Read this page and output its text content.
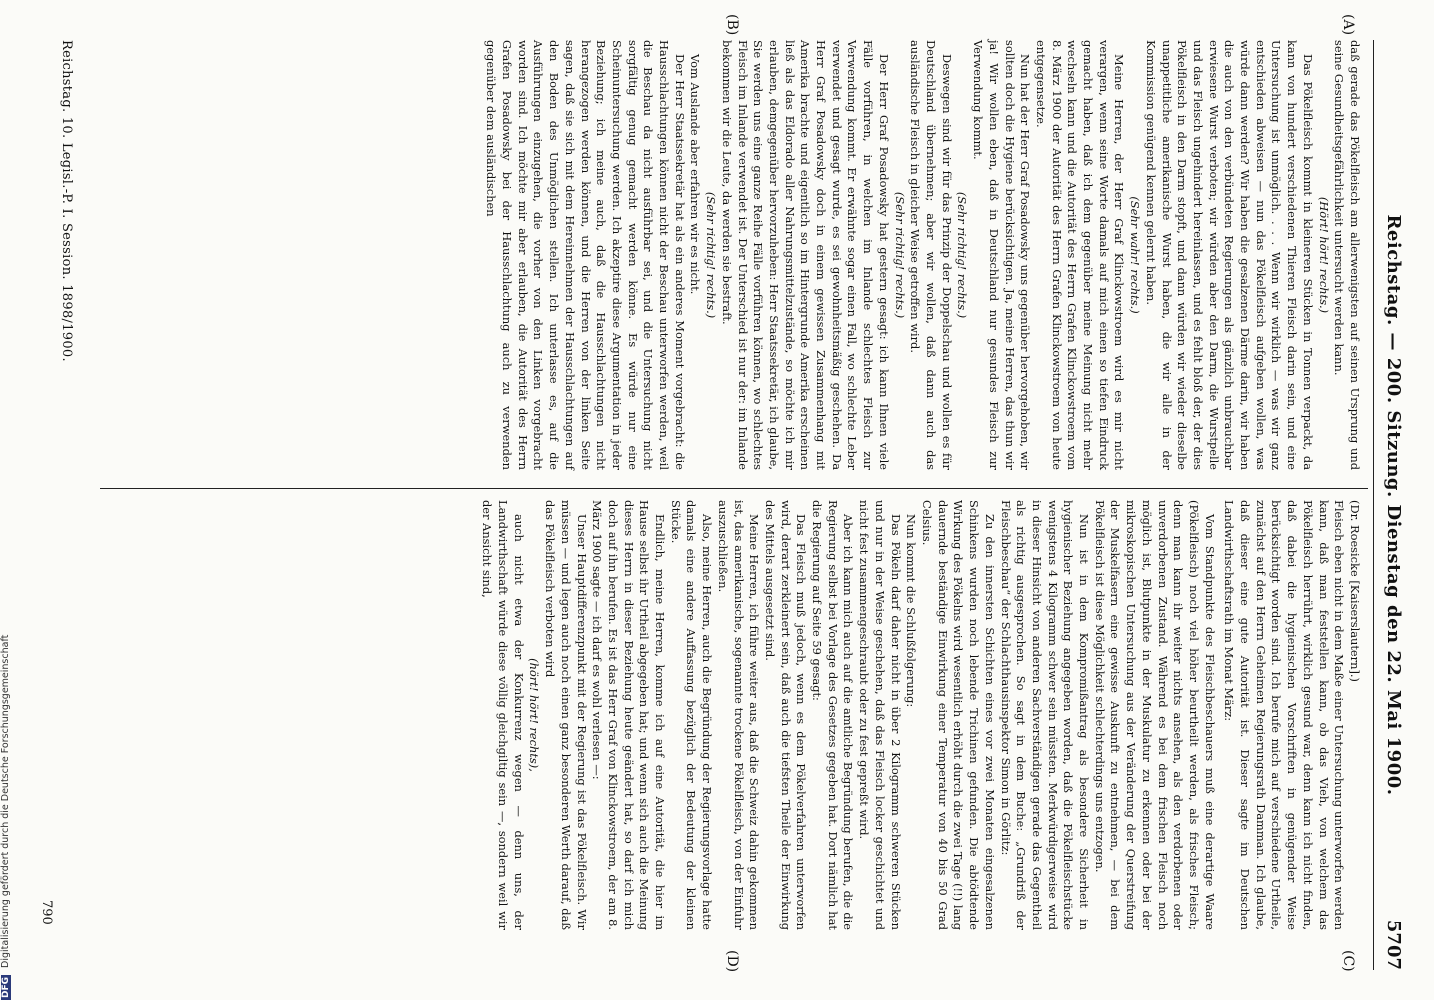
Reichstag. — 200. Sitzung. Dienstag den 22. Mai 1900.
5707
(A)
(B)
(C)
(D)

daß gerade das Pökelfleisch am allerwenigsten auf seinen Ursprung und seine Gesundheitsgefährlichkeit untersucht werden kann.

(Hört! hört! rechts.)

Das Pökelfleisch kommt in kleineren Stücken in Tonnen verpackt, da kann von hundert verschiedenen Thieren Fleisch darin sein, und eine Untersuchung ist unmöglich. . . . Wenn wir wirklich — was wir ganz entschieden abweisen — nun das Pökelfleisch aufgeben wollen, was würde dann werden? Wir haben die gesalzenen Därme darin, wir haben die auch von den verbündeten Regierungen als gänzlich unbrauchbar erwiesene Wurst verboten; wir würden aber den Darm, die Wurstpelle und das Fleisch ungehindert hereinlassen, und es fehlt bloß der, der dies Pökelfleisch in den Darm stopft, und dann würden wir wieder dieselbe unappetitliche amerikanische Wurst haben, die wir alle in der Kommission genügend kennen gelernt haben.

(Sehr wahr! rechts.)

Meine Herren, der Herr Graf Klinckowstroem wird es mir nicht verargen, wenn seine Worte damals auf mich einen so tiefen Eindruck gemacht haben, daß ich dem gegenüber meine Meinung nicht mehr wechseln kann und die Autorität des Herrn Grafen Klinckowstroem vom 8. März 1900 der Autorität des Herrn Grafen Klinckowstroem von heute entgegensetze.

Nun hat der Herr Graf Posadowsky uns gegenüber hervorgehoben, wir sollten doch die Hygiene berücksichtigen. Ja, meine Herren, das thun wir ja! Wir wollen eben, daß in Deutschland nur gesundes Fleisch zur Verwendung kommt.

(Sehr richtig! rechts.)

Deswegen sind wir für das Prinzip der Doppelschau und wollen es für Deutschland übernehmen; aber wir wollen, daß dann auch das ausländische Fleisch in gleicher Weise getroffen wird.

(Sehr richtig! rechts.)

Der Herr Graf Posadowsky hat gestern gesagt: ich kann Ihnen viele Fälle vorführen, in welchen im Inlande schlechtes Fleisch zur Verwendung kommt. Er erwähnte sogar einen Fall, wo schlechte Leber verwendet und gesagt wurde, es sei gewohnheitsmäßig geschehen. Da Herr Graf Posadowsky doch in einem gewissen Zusammenhang mit Amerika brachte und eigentlich so im Hintergrunde Amerika erscheinen ließ als das Eldorado aller Nahrungsmittelzustände, so möchte ich mir erlauben, demgegenüber hervorzuheben: Herr Staatssekretär, ich glaube, Sie werden uns eine ganze Reihe Fälle vorführen können, wo schlechtes Fleisch im Inlande verwendet ist. Der Unterschied ist nur der: im Inlande bekommen wir die Leute, da werden sie bestraft.

(Sehr richtig! rechts.)

Vom Auslande aber erfahren wir es nicht.

Der Herr Staatssekretär hat als ein anderes Moment vorgebracht: die Hausschlachtungen können nicht der Beschau unterworfen werden, weil die Beschau da nicht ausführbar sei, und die Untersuchung nicht sorgfältig genug gemacht werden könne. Es würde nur eine Scheinuntersuchung werden. Ich akzeptire diese Argumentation in jeder Beziehung; ich meine auch, daß die Hausschlachtungen nicht herangezogen werden können, und die Herren von der linken Seite sagen, daß sie sich mit dem Hereinnehmen der Hausschlachtungen auf den Boden des Unmöglichen stellen. Ich unterlasse es, auf die Ausführungen einzugehen, die vorher von den Linken vorgebracht worden sind. Ich möchte mir aber erlauben, die Autorität des Herrn Grafen Posadowsky bei der Hausschlachtung auch zu verwenden gegenüber dem ausländischen

(Dr. Roesicke [Kaiserslautern].)

Fleisch eben nicht in dem Maße einer Untersuchung unterworfen werden kann, daß man feststellen kann, ob das Vieh, von welchem das Pökelfleisch herrührt, wirklich gesund war, denn kann ich nicht finden, daß dabei die hygienischen Vorschriften in genügender Weise berücksichtigt worden sind. Ich berufe mich auf verschiedene Urtheile, zunächst auf den Herrn Geheimen Regierungsrath Damman. Ich glaube, daß dieser eine gute Autorität ist. Dieser sagte im Deutschen Landwirthschaftsrath im Monat März:

Vom Standpunkte des Fleischbeschauers muß eine derartige Waare (Pökelfleisch) noch viel höher beurtheilt werden, als frisches Fleisch; denn man kann ihr weiter nichts ansehen, als den verdorbenen oder unverdorbenen Zustand. Während es bei dem frischen Fleisch noch möglich ist, Blutpunkte in der Muskulatur zu erkennen oder bei der mikroskopischen Untersuchung aus der Veränderung der Querstreifung der Muskelfasern eine gewisse Auskunft zu entnehmen, — bei dem Pökelfleisch ist diese Möglichkeit schlechterdings uns entzogen.

Nun ist in dem Kompromißantrag als besondere Sicherheit in hygienischer Beziehung angegeben worden, daß die Pökelfleischstücke wenigstens 4 Kilogramm schwer sein müssten. Merkwürdigerweise wird in dieser Hinsicht von anderen Sachverständigen gerade das Gegentheil als richtig ausgesprochen. So sagt in dem Buche: „Grundriß der Fleischbeschau“ der Schlachthausinspektor Simon in Görlitz:

Zu den innersten Schichten eines vor zwei Monaten eingesalzenen Schinkens wurden noch lebende Trichinen gefunden. Die abtödtende Wirkung des Pökelns wird wesentlich erhöht durch die zwei Tage (!!) lang dauernde beständige Einwirkung einer Temperatur von 40 bis 50 Grad Celsius.

Nun kommt die Schlußfolgerung:

Das Pökeln darf daher nicht in über 2 Kilogramm schweren Stücken und nur in der Weise geschehen, daß das Fleisch locker geschichtet und nicht fest zusammengeschraubt oder zu fest gepreßt wird.

Aber ich kann mich auch auf die amtliche Begründung berufen, die die Regierung selbst bei Vorlage des Gesetzes gegeben hat. Dort nämlich hat die Regierung auf Seite 59 gesagt:

Das Fleisch muß jedoch, wenn es dem Pökelverfahren unterworfen wird, derart zerkleinert sein, daß auch die tiefsten Theile der Einwirkung des Mittels ausgesetzt sind.

Meine Herren, ich führe weiter aus, daß die Schweiz dahin gekommen ist, das amerikanische, sogenannte trockene Pökelfleisch, von der Einfuhr auszuschließen.

Also, meine Herren, auch die Begründung der Regierungsvorlage hatte damals eine andere Auffassung bezüglich der Bedeutung der kleinen Stücke.

Endlich, meine Herren, komme ich auf eine Autorität, die hier im Hause selbst ihr Urtheil abgegeben hat; und wenn sich auch die Meinung dieses Herrn in dieser Beziehung heute geändert hat, so darf ich mich doch auf ihn berufen. Es ist das Herr Graf von Klinckowstroem, der am 8. März 1900 sagte — ich darf es wohl verlesen —:

Unser Hauptdifferenzpunkt mit der Regierung ist das Pökelfleisch. Wir müssen — und legen auch noch einen ganz besonderen Werth darauf, daß das Pökelfleisch verboten wird

(hört! hört! rechts),

auch nicht etwa der Konkurrenz wegen — denn uns, der Landwirthschaft würde diese völlig gleichgiltig sein —, sondern weil wir der Ansicht sind,

Reichstag. 10. Legisl.-P. I. Session. 1898/1900.
790
DFG Digitalisierung gefördert durch die Deutsche Forschungsgemeinschaft
